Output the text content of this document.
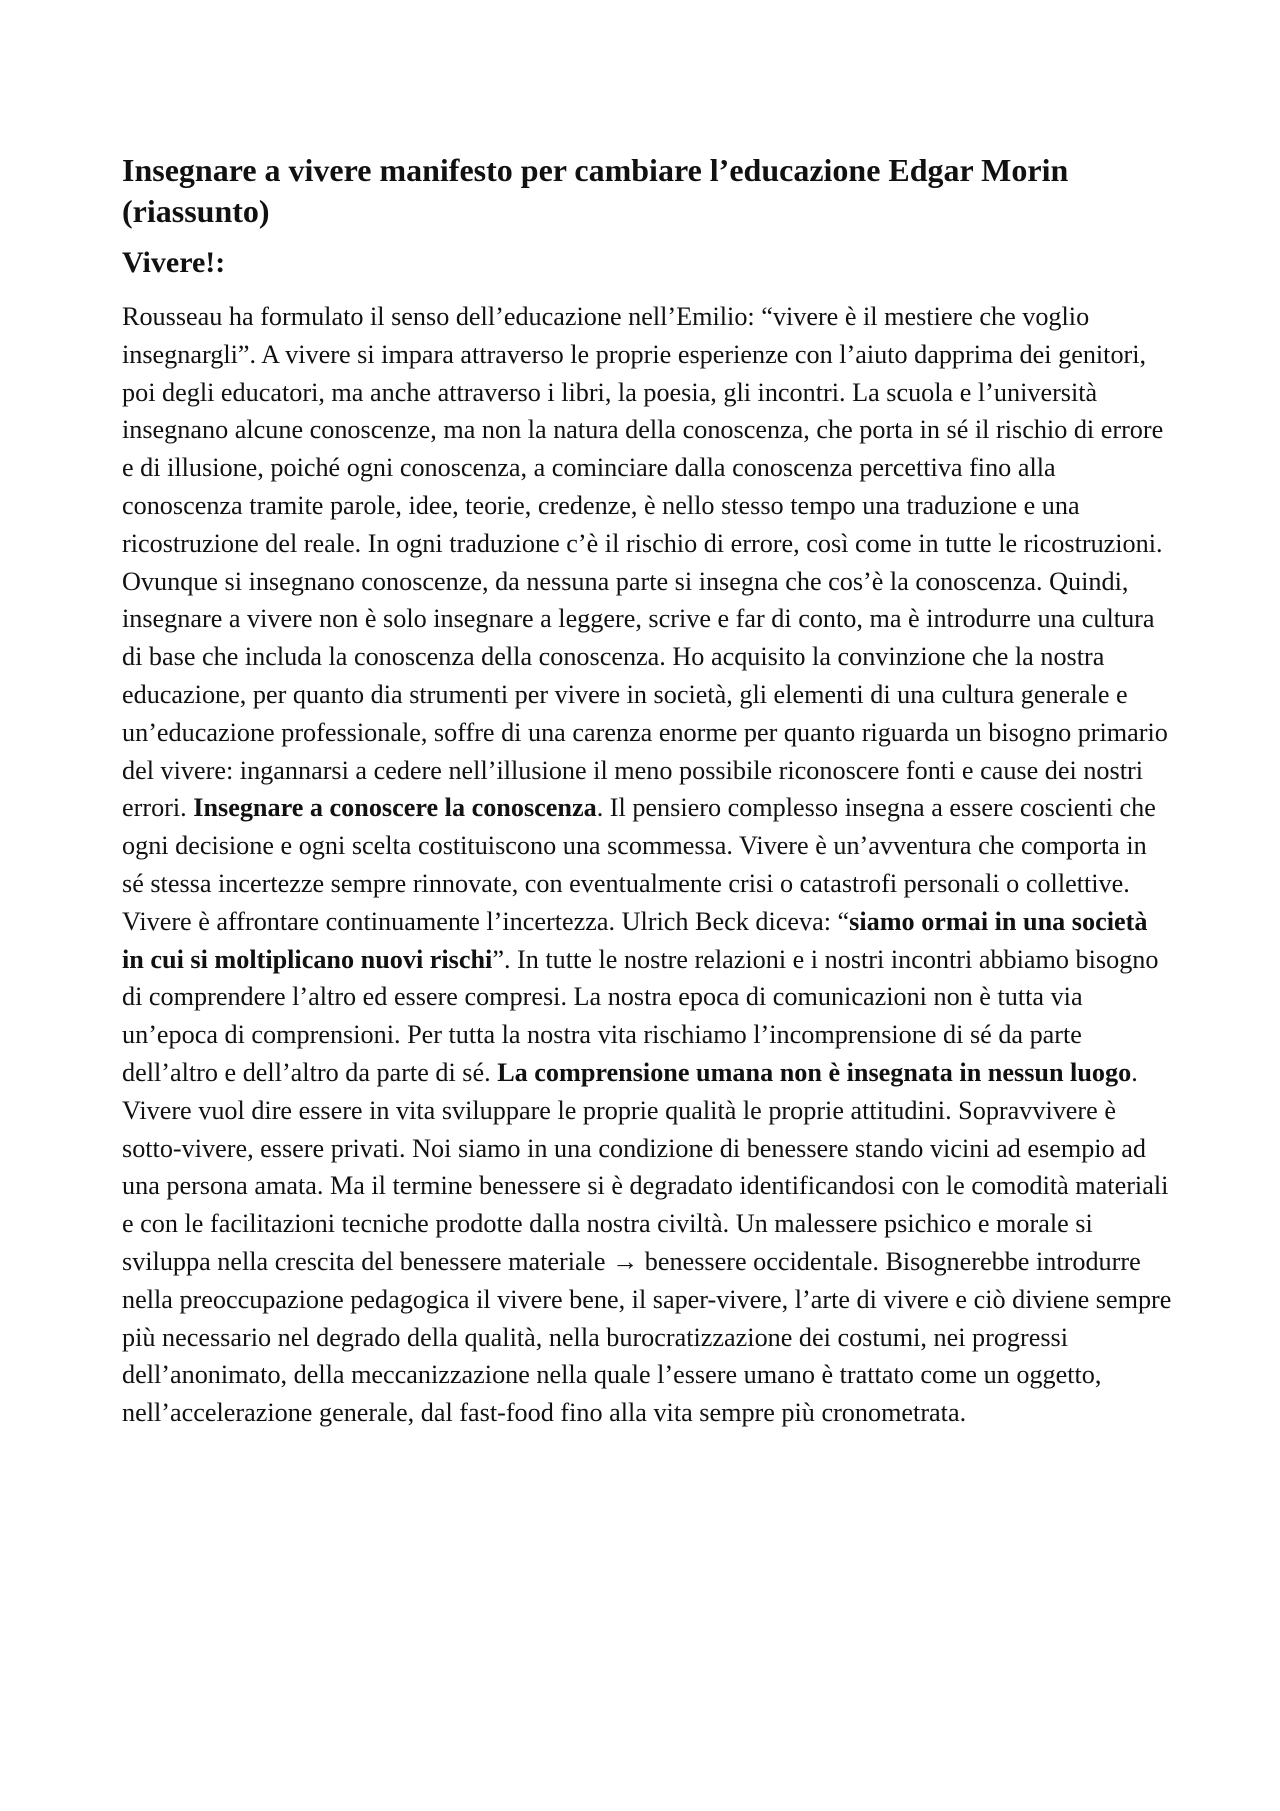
Insegnare a vivere manifesto per cambiare l’educazione Edgar Morin (riassunto)
Vivere!:

Rousseau ha formulato il senso dell’educazione nell’Emilio: “vivere è il mestiere che voglio insegnargli”. A vivere si impara attraverso le proprie esperienze con l’aiuto dapprima dei genitori, poi degli educatori, ma anche attraverso i libri, la poesia, gli incontri. La scuola e l’università insegnano alcune conoscenze, ma non la natura della conoscenza, che porta in sé il rischio di errore e di illusione, poiché ogni conoscenza, a cominciare dalla conoscenza percettiva fino alla conoscenza tramite parole, idee, teorie, credenze, è nello stesso tempo una traduzione e una ricostruzione del reale. In ogni traduzione c’è il rischio di errore, così come in tutte le ricostruzioni. Ovunque si insegnano conoscenze, da nessuna parte si insegna che cos’è la conoscenza. Quindi, insegnare a vivere non è solo insegnare a leggere, scrive e far di conto, ma è introdurre una cultura di base che includa la conoscenza della conoscenza. Ho acquisito la convinzione che la nostra educazione, per quanto dia strumenti per vivere in società, gli elementi di una cultura generale e un’educazione professionale, soffre di una carenza enorme per quanto riguarda un bisogno primario del vivere: ingannarsi a cedere nell’illusione il meno possibile riconoscere fonti e cause dei nostri errori. Insegnare a conoscere la conoscenza. Il pensiero complesso insegna a essere coscienti che ogni decisione e ogni scelta costituiscono una scommessa. Vivere è un’avventura che comporta in sé stessa incertezze sempre rinnovate, con eventualmente crisi o catastrofi personali o collettive. Vivere è affrontare continuamente l’incertezza. Ulrich Beck diceva: “siamo ormai in una società in cui si moltiplicano nuovi rischi”. In tutte le nostre relazioni e i nostri incontri abbiamo bisogno di comprendere l’altro ed essere compresi. La nostra epoca di comunicazioni non è tutta via un’epoca di comprensioni. Per tutta la nostra vita rischiamo l’incomprensione di sé da parte dell’altro e dell’altro da parte di sé. La comprensione umana non è insegnata in nessun luogo. Vivere vuol dire essere in vita sviluppare le proprie qualità le proprie attitudini. Sopravvivere è sotto-vivere, essere privati. Noi siamo in una condizione di benessere stando vicini ad esempio ad una persona amata. Ma il termine benessere si è degradato identificandosi con le comodità materiali e con le facilitazioni tecniche prodotte dalla nostra civiltà. Un malessere psichico e morale si sviluppa nella crescita del benessere materiale → benessere occidentale. Bisognerebbe introdurre nella preoccupazione pedagogica il vivere bene, il saper-vivere, l’arte di vivere e ciò diviene sempre più necessario nel degrado della qualità, nella burocratizzazione dei costumi, nei progressi dell’anonimato, della meccanizzazione nella quale l’essere umano è trattato come un oggetto, nell’accelerazione generale, dal fast-food fino alla vita sempre più cronometrata.
